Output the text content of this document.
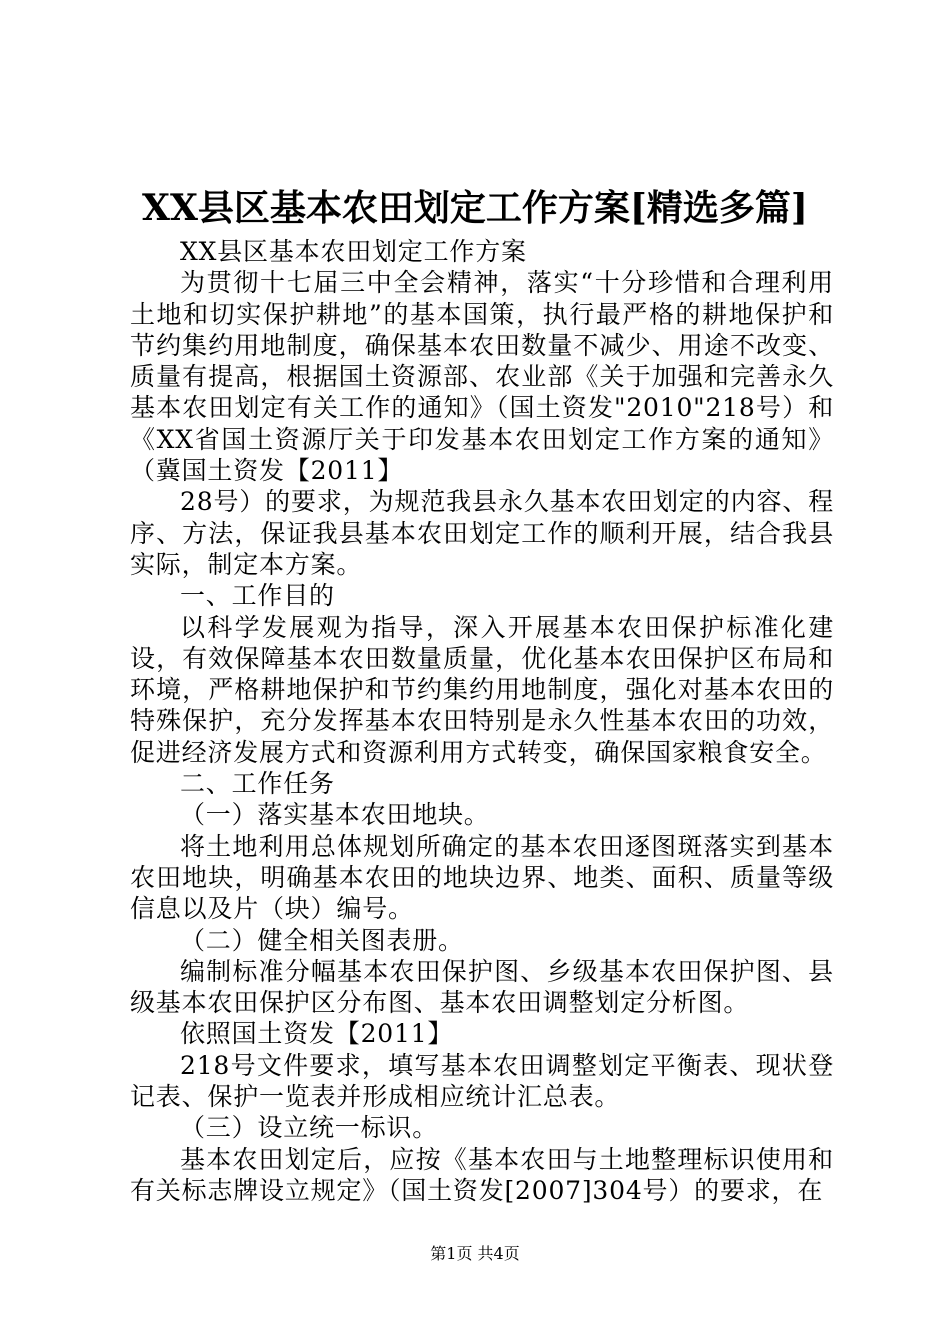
XX县区基本农田划定工作方案[精选多篇]

XX县区基本农田划定工作方案

为贯彻十七届三中全会精神，落实“十分珍惜和合理利用土地和切实保护耕地”的基本国策，执行最严格的耕地保护和节约集约用地制度，确保基本农田数量不减少、用途不改变、质量有提高，根据国土资源部、农业部《关于加强和完善永久基本农田划定有关工作的通知》（国土资发"2010"218号）和《XX省国土资源厅关于印发基本农田划定工作方案的通知》（冀国土资发【2011】

28号）的要求，为规范我县永久基本农田划定的内容、程序、方法，保证我县基本农田划定工作的顺利开展，结合我县实际，制定本方案。

一、工作目的

以科学发展观为指导，深入开展基本农田保护标准化建设，有效保障基本农田数量质量，优化基本农田保护区布局和环境，严格耕地保护和节约集约用地制度，强化对基本农田的特殊保护，充分发挥基本农田特别是永久性基本农田的功效，促进经济发展方式和资源利用方式转变，确保国家粮食安全。

二、工作任务

（一）落实基本农田地块。

将土地利用总体规划所确定的基本农田逐图斑落实到基本农田地块，明确基本农田的地块边界、地类、面积、质量等级信息以及片（块）编号。

（二）健全相关图表册。

编制标准分幅基本农田保护图、乡级基本农田保护图、县级基本农田保护区分布图、基本农田调整划定分析图。

依照国土资发【2011】

218号文件要求，填写基本农田调整划定平衡表、现状登记表、保护一览表并形成相应统计汇总表。

（三）设立统一标识。

基本农田划定后，应按《基本农田与土地整理标识使用和有关标志牌设立规定》（国土资发[2007]304号）的要求，在

第1页 共4页
